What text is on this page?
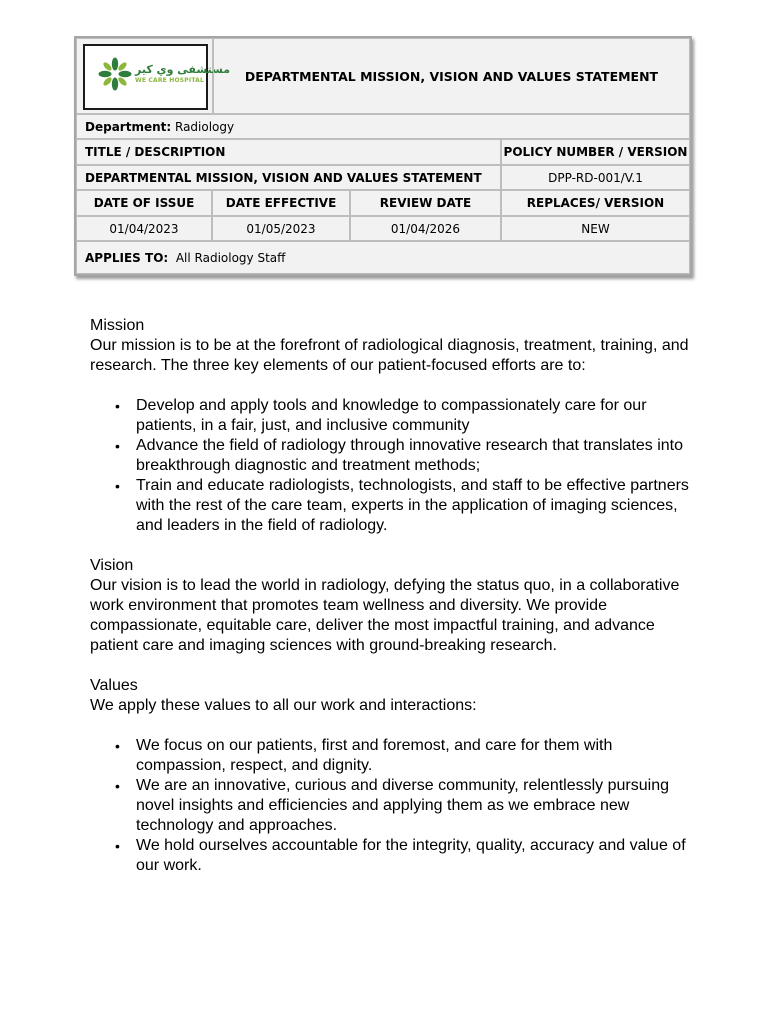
مستشفى وي كير
WE CARE HOSPITAL	DEPARTMENTAL MISSION, VISION AND VALUES STATEMENT
Department:
Radiology
TITLE / DESCRIPTION	POLICY NUMBER / VERSION
DEPARTMENTAL MISSION, VISION AND VALUES STATEMENT	DPP-RD-001/V.1
DATE OF ISSUE	DATE EFFECTIVE	REVIEW DATE	REPLACES/ VERSION
01/04/2023	01/05/2023	01/04/2026	NEW
APPLIES TO:
All Radiology Staff

Mission

Our mission is to be at the forefront of radiological diagnosis, treatment, training, and research. The three key elements of our patient-focused efforts are to:

• Develop and apply tools and knowledge to compassionately care for our patients, in a fair, just, and inclusive community
• Advance the field of radiology through innovative research that translates into breakthrough diagnostic and treatment methods;
• Train and educate radiologists, technologists, and staff to be effective partners with the rest of the care team, experts in the application of imaging sciences, and leaders in the field of radiology.

Vision

Our vision is to lead the world in radiology, defying the status quo, in a collaborative work environment that promotes team wellness and diversity. We provide compassionate, equitable care, deliver the most impactful training, and advance patient care and imaging sciences with ground-breaking research.

Values

We apply these values to all our work and interactions:

• We focus on our patients, first and foremost, and care for them with compassion, respect, and dignity.
• We are an innovative, curious and diverse community, relentlessly pursuing novel insights and efficiencies and applying them as we embrace new technology and approaches.
• We hold ourselves accountable for the integrity, quality, accuracy and value of our work.
